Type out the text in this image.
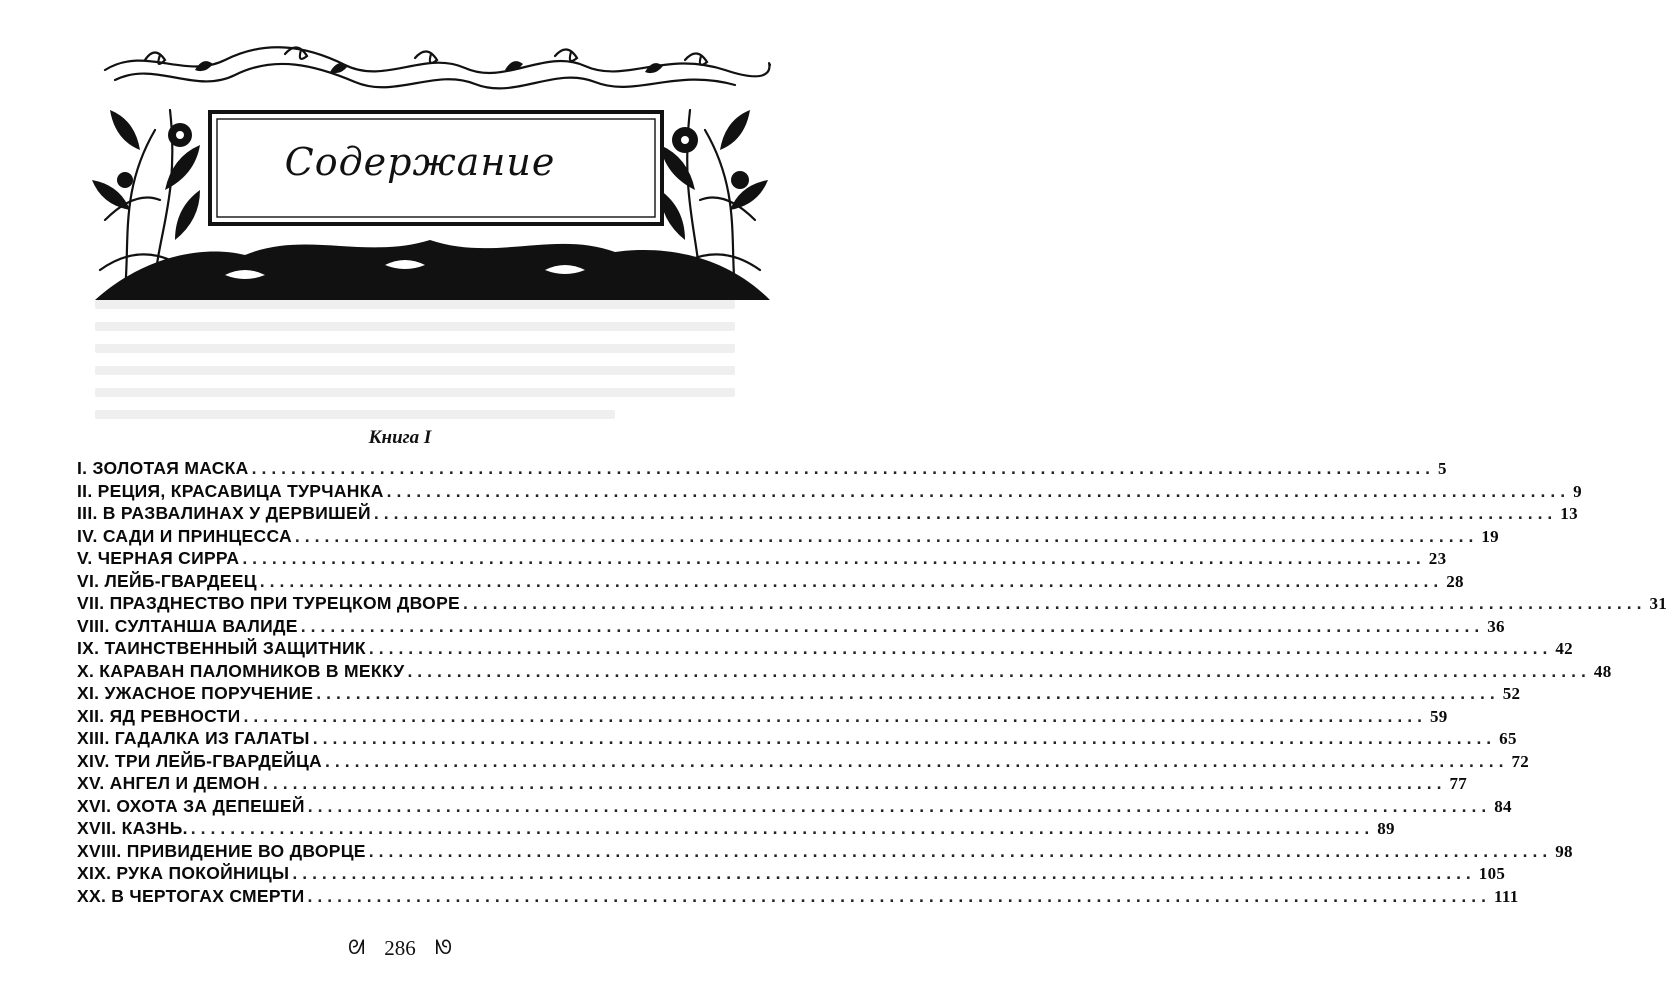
Содержание
Книга I
I. ЗОЛОТАЯ МАСКА ........................................................................................................................ 5
II. РЕЦИЯ, КРАСАВИЦА ТУРЧАНКА ........................................................................................................................ 9
III. В РАЗВАЛИНАХ У ДЕРВИШЕЙ ........................................................................................................................ 13
IV. САДИ И ПРИНЦЕССА ........................................................................................................................ 19
V. ЧЕРНАЯ СИРРА ........................................................................................................................ 23
VI. ЛЕЙБ-ГВАРДЕЕЦ ........................................................................................................................ 28
VII. ПРАЗДНЕСТВО ПРИ ТУРЕЦКОМ ДВОРЕ ........................................................................................................................ 31
VIII. СУЛТАНША ВАЛИДЕ ........................................................................................................................ 36
IX. ТАИНСТВЕННЫЙ ЗАЩИТНИК ........................................................................................................................ 42
X. КАРАВАН ПАЛОМНИКОВ В МЕККУ ........................................................................................................................ 48
XI. УЖАСНОЕ ПОРУЧЕНИЕ ........................................................................................................................ 52
XII. ЯД РЕВНОСТИ ........................................................................................................................ 59
XIII. ГАДАЛКА ИЗ ГАЛАТЫ ........................................................................................................................ 65
XIV. ТРИ ЛЕЙБ-ГВАРДЕЙЦА ........................................................................................................................ 72
XV. АНГЕЛ И ДЕМОН ........................................................................................................................ 77
XVI. ОХОТА ЗА ДЕПЕШЕЙ ........................................................................................................................ 84
XVII. КАЗНЬ. ........................................................................................................................ 89
XVIII. ПРИВИДЕНИЕ ВО ДВОРЦЕ ........................................................................................................................ 98
XIX. РУКА ПОКОЙНИЦЫ ........................................................................................................................ 105
XX. В ЧЕРТОГАХ СМЕРТИ ........................................................................................................................ 111
ᘛ 286 ᘚ
